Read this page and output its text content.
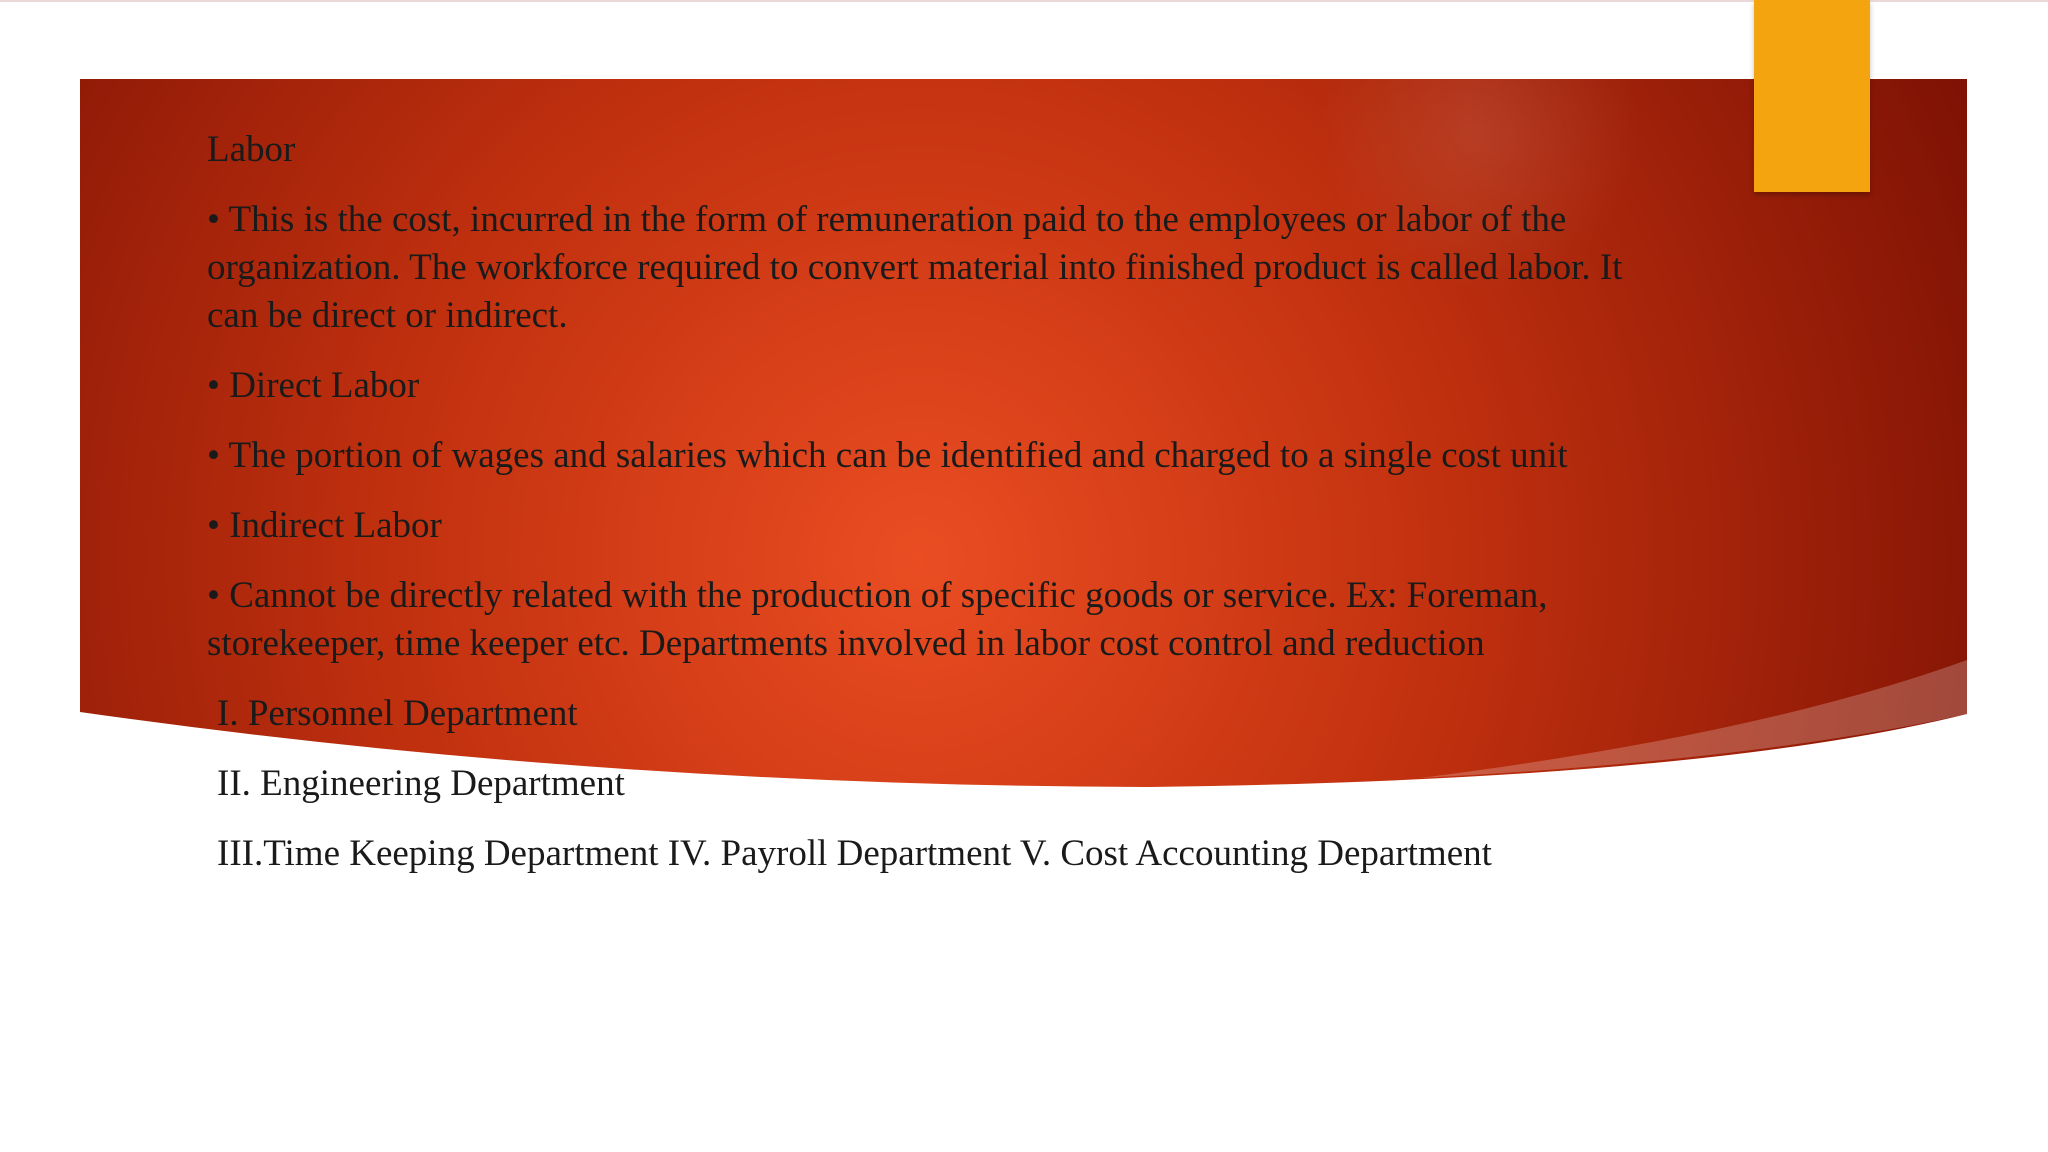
Labor

• This is the cost, incurred in the form of remuneration paid to the employees or labor of the organization. The workforce required to convert material into finished product is called labor. It can be direct or indirect.

• Direct Labor

• The portion of wages and salaries which can be identified and charged to a single cost unit

• Indirect Labor

• Cannot be directly related with the production of specific goods or service. Ex: Foreman, storekeeper, time keeper etc. Departments involved in labor cost control and reduction

I. Personnel Department

II. Engineering Department

III.Time Keeping Department IV. Payroll Department V. Cost Accounting Department
